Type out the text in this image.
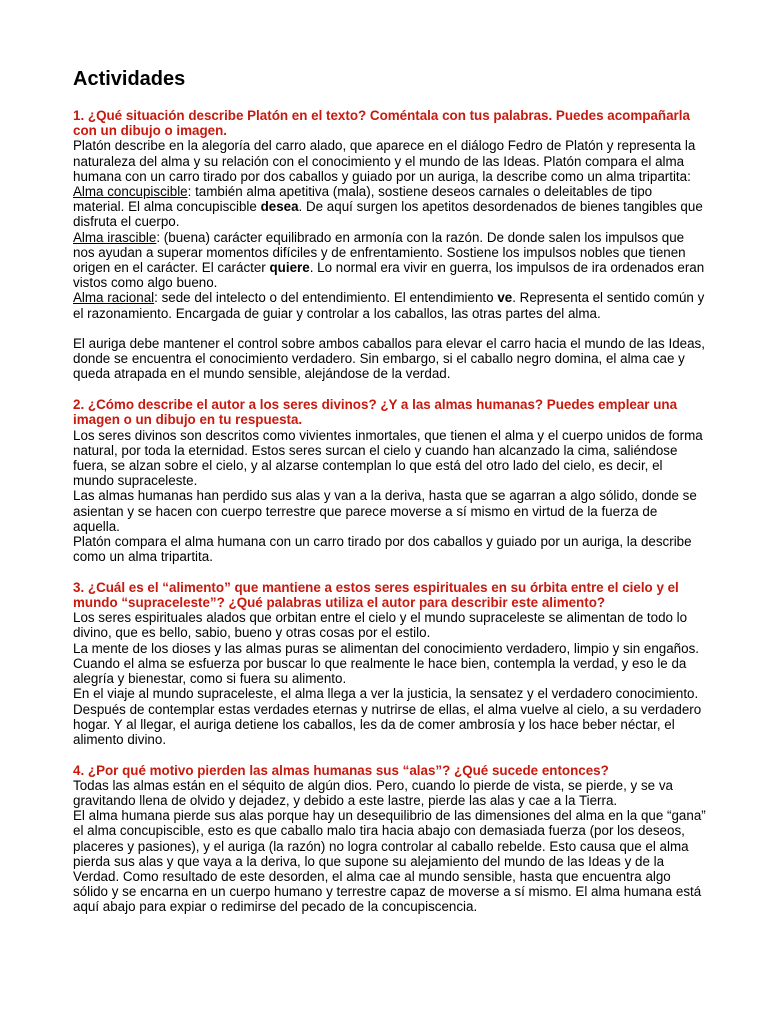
Actividades
1. ¿Qué situación describe Platón en el texto? Coméntala con tus palabras. Puedes acompañarla con un dibujo o imagen.

Platón describe en la alegoría del carro alado, que aparece en el diálogo Fedro de Platón y representa la naturaleza del alma y su relación con el conocimiento y el mundo de las Ideas. Platón compara el alma humana con un carro tirado por dos caballos y guiado por un auriga, la describe como un alma tripartita:

Alma concupiscible: también alma apetitiva (mala), sostiene deseos carnales o deleitables de tipo material. El alma concupiscible desea. De aquí surgen los apetitos desordenados de bienes tangibles que disfruta el cuerpo.

Alma irascible: (buena) carácter equilibrado en armonía con la razón. De donde salen los impulsos que nos ayudan a superar momentos difíciles y de enfrentamiento. Sostiene los impulsos nobles que tienen origen en el carácter. El carácter quiere. Lo normal era vivir en guerra, los impulsos de ira ordenados eran vistos como algo bueno.

Alma racional: sede del intelecto o del entendimiento. El entendimiento ve. Representa el sentido común y el razonamiento. Encargada de guiar y controlar a los caballos, las otras partes del alma.

El auriga debe mantener el control sobre ambos caballos para elevar el carro hacia el mundo de las Ideas, donde se encuentra el conocimiento verdadero. Sin embargo, si el caballo negro domina, el alma cae y queda atrapada en el mundo sensible, alejándose de la verdad.

2. ¿Cómo describe el autor a los seres divinos? ¿Y a las almas humanas? Puedes emplear una imagen o un dibujo en tu respuesta.

Los seres divinos son descritos como vivientes inmortales, que tienen el alma y el cuerpo unidos de forma natural, por toda la eternidad. Estos seres surcan el cielo y cuando han alcanzado la cima, saliéndose fuera, se alzan sobre el cielo, y al alzarse contemplan lo que está del otro lado del cielo, es decir, el mundo supraceleste.

Las almas humanas han perdido sus alas y van a la deriva, hasta que se agarran a algo sólido, donde se asientan y se hacen con cuerpo terrestre que parece moverse a sí mismo en virtud de la fuerza de aquella.

Platón compara el alma humana con un carro tirado por dos caballos y guiado por un auriga, la describe como un alma tripartita.

3. ¿Cuál es el “alimento” que mantiene a estos seres espirituales en su órbita entre el cielo y el mundo “supraceleste”? ¿Qué palabras utiliza el autor para describir este alimento?

Los seres espirituales alados que orbitan entre el cielo y el mundo supraceleste se alimentan de todo lo divino, que es bello, sabio, bueno y otras cosas por el estilo.

La mente de los dioses y las almas puras se alimentan del conocimiento verdadero, limpio y sin engaños. Cuando el alma se esfuerza por buscar lo que realmente le hace bien, contempla la verdad, y eso le da alegría y bienestar, como si fuera su alimento.

En el viaje al mundo supraceleste, el alma llega a ver la justicia, la sensatez y el verdadero conocimiento. Después de contemplar estas verdades eternas y nutrirse de ellas, el alma vuelve al cielo, a su verdadero hogar. Y al llegar, el auriga detiene los caballos, les da de comer ambrosía y los hace beber néctar, el alimento divino.

4. ¿Por qué motivo pierden las almas humanas sus “alas”? ¿Qué sucede entonces?

Todas las almas están en el séquito de algún dios. Pero, cuando lo pierde de vista, se pierde, y se va gravitando llena de olvido y dejadez, y debido a este lastre, pierde las alas y cae a la Tierra.

El alma humana pierde sus alas porque hay un desequilibrio de las dimensiones del alma en la que “gana” el alma concupiscible, esto es que caballo malo tira hacia abajo con demasiada fuerza (por los deseos, placeres y pasiones), y el auriga (la razón) no logra controlar al caballo rebelde. Esto causa que el alma pierda sus alas y que vaya a la deriva, lo que supone su alejamiento del mundo de las Ideas y de la Verdad. Como resultado de este desorden, el alma cae al mundo sensible, hasta que encuentra algo sólido y se encarna en un cuerpo humano y terrestre capaz de moverse a sí mismo. El alma humana está aquí abajo para expiar o redimirse del pecado de la concupiscencia.
